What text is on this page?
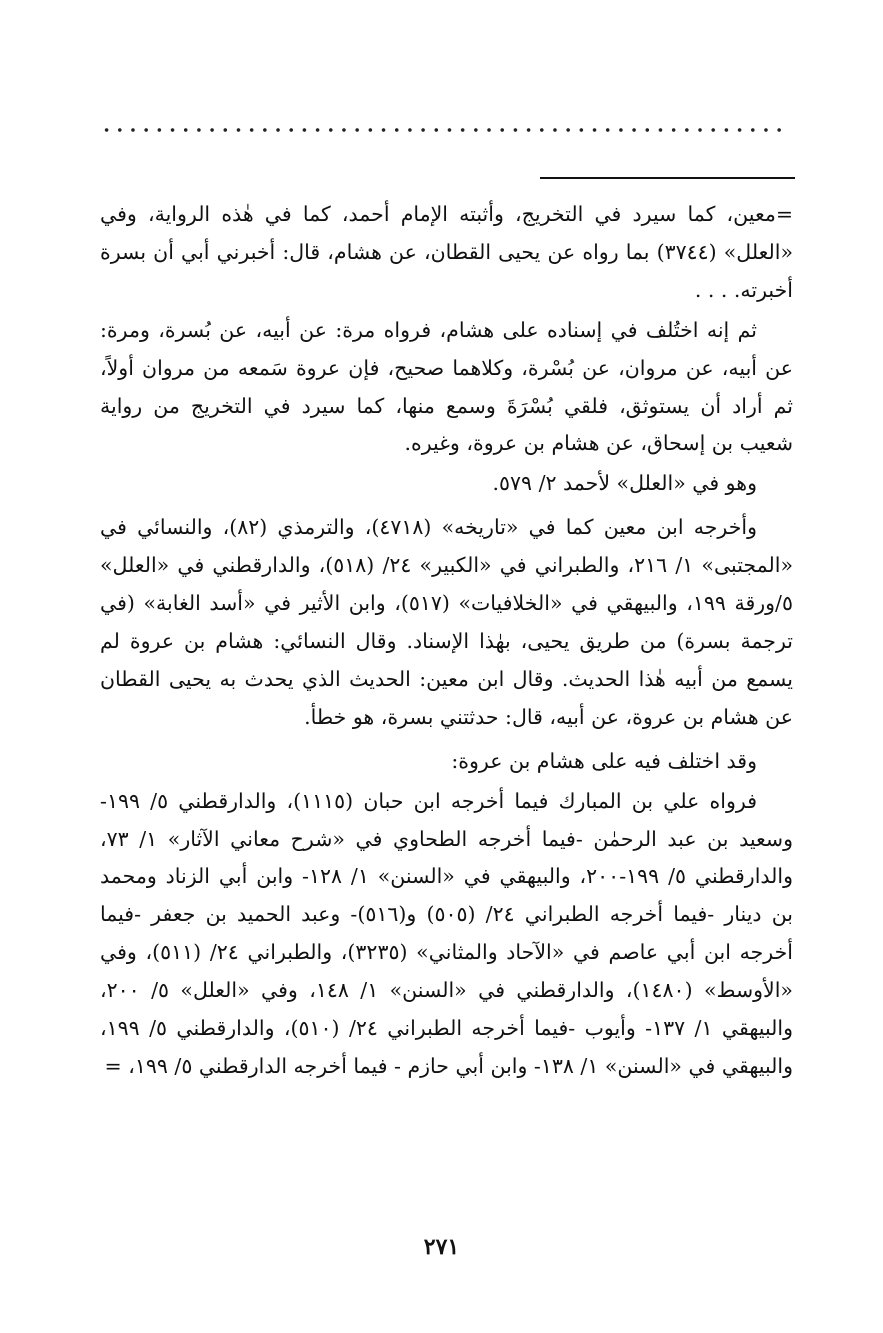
=معين، كما سيرد في التخريج، وأثبته الإمام أحمد، كما في هٰذه الرواية، وفي «العلل» (٣٧٤٤) بما رواه عن يحيى القطان، عن هشام، قال: أخبرني أبي أن بسرة أخبرته. . . .

ثم إنه اختُلف في إسناده على هشام، فرواه مرة: عن أبيه، عن بُسرة، ومرة: عن أبيه، عن مروان، عن بُسْرة، وكلاهما صحيح، فإن عروة سَمعه من مروان أولاً، ثم أراد أن يستوثق، فلقي بُسْرَةَ وسمع منها، كما سيرد في التخريج من رواية شعيب بن إسحاق، عن هشام بن عروة، وغيره.

وهو في «العلل» لأحمد ٢/ ٥٧٩.

وأخرجه ابن معين كما في «تاريخه» (٤٧١٨)، والترمذي (٨٢)، والنسائي في «المجتبى» ١/ ٢١٦، والطبراني في «الكبير» ٢٤/ (٥١٨)، والدارقطني في «العلل» ٥/ورقة ١٩٩، والبيهقي في «الخلافيات» (٥١٧)، وابن الأثير في «أسد الغابة» (في ترجمة بسرة) من طريق يحيى، بهٰذا الإسناد. وقال النسائي: هشام بن عروة لم يسمع من أبيه هٰذا الحديث. وقال ابن معين: الحديث الذي يحدث به يحيى القطان عن هشام بن عروة، عن أبيه، قال: حدثتني بسرة، هو خطأ.

وقد اختلف فيه على هشام بن عروة:

فرواه علي بن المبارك فيما أخرجه ابن حبان (١١١٥)، والدارقطني ٥/ ١٩٩- وسعيد بن عبد الرحمٰن -فيما أخرجه الطحاوي في «شرح معاني الآثار» ١/ ٧٣، والدارقطني ٥/ ١٩٩-٢٠٠، والبيهقي في «السنن» ١/ ١٢٨- وابن أبي الزناد ومحمد بن دينار -فيما أخرجه الطبراني ٢٤/ (٥٠٥) و(٥١٦)- وعبد الحميد بن جعفر -فيما أخرجه ابن أبي عاصم في «الآحاد والمثاني» (٣٢٣٥)، والطبراني ٢٤/ (٥١١)، وفي «الأوسط» (١٤٨٠)، والدارقطني في «السنن» ١/ ١٤٨، وفي «العلل» ٥/ ٢٠٠، والبيهقي ١/ ١٣٧- وأيوب -فيما أخرجه الطبراني ٢٤/ (٥١٠)، والدارقطني ٥/ ١٩٩، والبيهقي في «السنن» ١/ ١٣٨- وابن أبي حازم - فيما أخرجه الدارقطني ٥/ ١٩٩، =

٢٧١
